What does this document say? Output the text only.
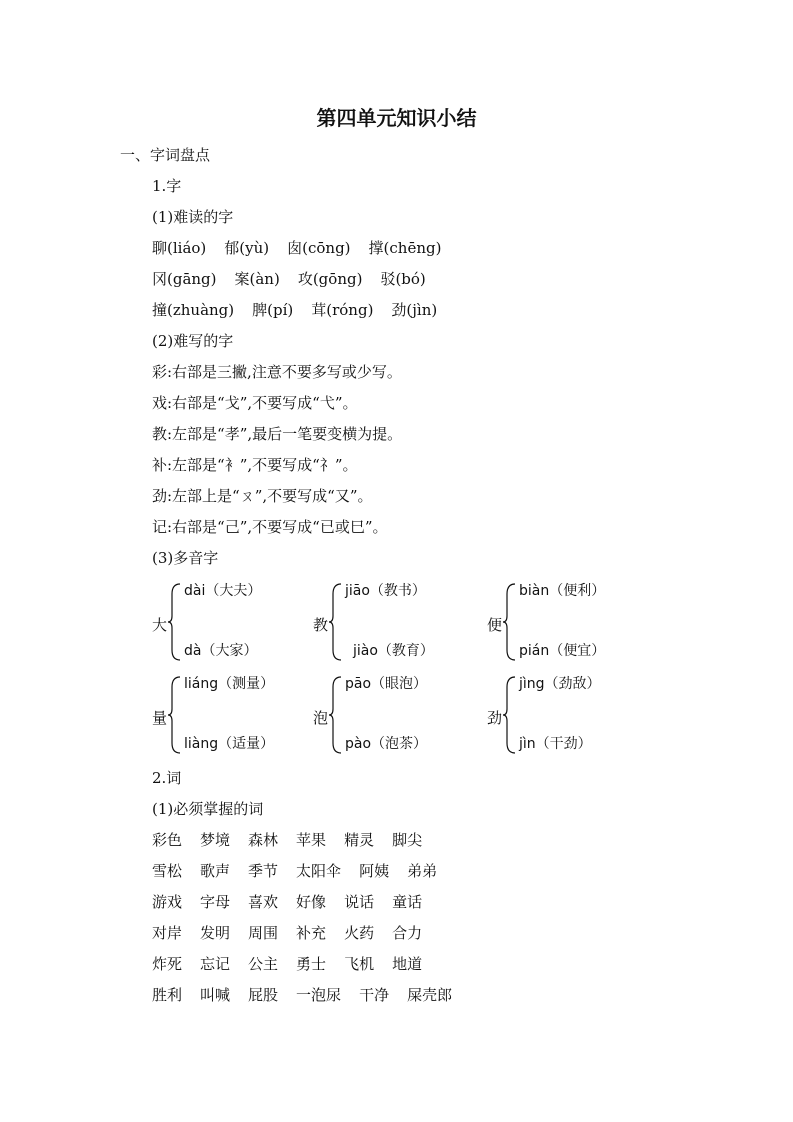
第四单元知识小结
一、字词盘点
1.字
(1)难读的字
聊(liáo) 郁(yù) 囱(cōng) 撑(chēng)
冈(gāng) 案(àn) 攻(gōng) 驳(bó)
撞(zhuàng) 脾(pí) 茸(róng) 劲(jìn)
(2)难写的字
彩:右部是三撇,注意不要多写或少写。
戏:右部是“戈”,不要写成“弋”。
教:左部是“孝”,最后一笔要变横为提。
补:左部是“衤”,不要写成“礻”。
劲:左部上是“ㄡ”,不要写成“又”。
记:右部是“己”,不要写成“已或巳”。
(3)多音字
大
dài（大夫）
dà（大家）
教
jiāo（教书）
jiào（教育）
便
biàn（便利）
pián（便宜）
量
liáng（测量）
liàng（适量）
泡
pāo（眼泡）
pào（泡茶）
劲
jìng（劲敌）
jìn（干劲）
2.词
(1)必须掌握的词
彩色 梦境 森林 苹果 精灵 脚尖
雪松 歌声 季节 太阳伞 阿姨 弟弟
游戏 字母 喜欢 好像 说话 童话
对岸 发明 周围 补充 火药 合力
炸死 忘记 公主 勇士 飞机 地道
胜利 叫喊 屁股 一泡尿 干净 屎壳郎
